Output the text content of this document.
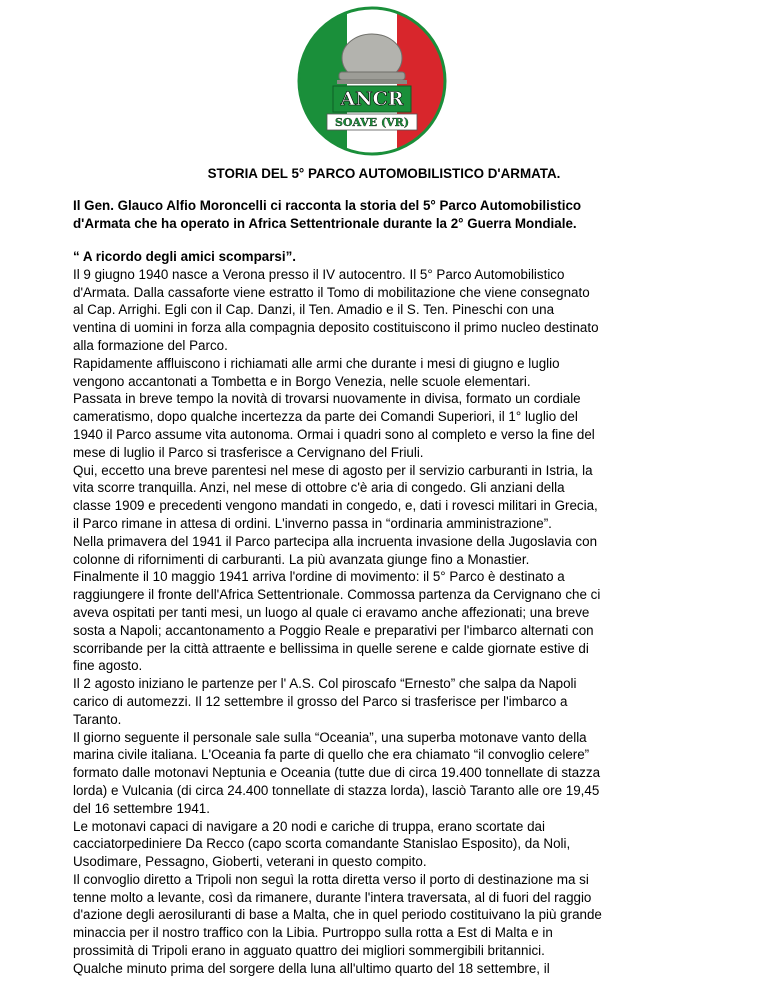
ANCR
SOAVE (VR)
STORIA DEL 5° PARCO AUTOMOBILISTICO D'ARMATA.
Il Gen. Glauco Alfio Moroncelli ci racconta la storia del 5° Parco Automobilistico
d'Armata che ha operato in Africa Settentrionale durante la 2° Guerra Mondiale.
“ A ricordo degli amici scomparsi”.
Il 9 giugno 1940 nasce a Verona presso il IV autocentro. Il 5° Parco Automobilistico
d'Armata. Dalla cassaforte viene estratto il Tomo di mobilitazione che viene consegnato
al Cap. Arrighi. Egli con il Cap. Danzi, il Ten. Amadio e il S. Ten. Pineschi con una
ventina di uomini in forza alla compagnia deposito costituiscono il primo nucleo destinato
alla formazione del Parco.
Rapidamente affluiscono i richiamati alle armi che durante i mesi di giugno e luglio
vengono accantonati a Tombetta e in Borgo Venezia, nelle scuole elementari.
Passata in breve tempo la novità di trovarsi nuovamente in divisa, formato un cordiale
cameratismo, dopo qualche incertezza da parte dei Comandi Superiori, il 1° luglio del
1940 il Parco assume vita autonoma. Ormai i quadri sono al completo e verso la fine del
mese di luglio il Parco si trasferisce a Cervignano del Friuli.
Qui, eccetto una breve parentesi nel mese di agosto per il servizio carburanti in Istria, la
vita scorre tranquilla. Anzi, nel mese di ottobre c'è aria di congedo. Gli anziani della
classe 1909 e precedenti vengono mandati in congedo, e, dati i rovesci militari in Grecia,
il Parco rimane in attesa di ordini. L'inverno passa in “ordinaria amministrazione”.
Nella primavera del 1941 il Parco partecipa alla incruenta invasione della Jugoslavia con
colonne di rifornimenti di carburanti. La più avanzata giunge fino a Monastier.
Finalmente il 10 maggio 1941 arriva l'ordine di movimento: il 5° Parco è destinato a
raggiungere il fronte dell'Africa Settentrionale. Commossa partenza da Cervignano che ci
aveva ospitati per tanti mesi, un luogo al quale ci eravamo anche affezionati; una breve
sosta a Napoli; accantonamento a Poggio Reale e preparativi per l'imbarco alternati con
scorribande per la città attraente e bellissima in quelle serene e calde giornate estive di
fine agosto.
Il 2 agosto iniziano le partenze per l' A.S. Col piroscafo “Ernesto” che salpa da Napoli
carico di automezzi. Il 12 settembre il grosso del Parco si trasferisce per l'imbarco a
Taranto.
Il giorno seguente il personale sale sulla “Oceania”, una superba motonave vanto della
marina civile italiana. L'Oceania fa parte di quello che era chiamato “il convoglio celere”
formato dalle motonavi Neptunia e Oceania (tutte due di circa 19.400 tonnellate di stazza
lorda) e Vulcania (di circa 24.400 tonnellate di stazza lorda), lasciò Taranto alle ore 19,45
del 16 settembre 1941.
Le motonavi capaci di navigare a 20 nodi e cariche di truppa, erano scortate dai
cacciatorpediniere Da Recco (capo scorta comandante Stanislao Esposito), da Noli,
Usodimare, Pessagno, Gioberti, veterani in questo compito.
Il convoglio diretto a Tripoli non seguì la rotta diretta verso il porto di destinazione ma si
tenne molto a levante, così da rimanere, durante l'intera traversata, al di fuori del raggio
d'azione degli aerosiluranti di base a Malta, che in quel periodo costituivano la più grande
minaccia per il nostro traffico con la Libia. Purtroppo sulla rotta a Est di Malta e in
prossimità di Tripoli erano in agguato quattro dei migliori sommergibili britannici.
Qualche minuto prima del sorgere della luna all'ultimo quarto del 18 settembre, il
